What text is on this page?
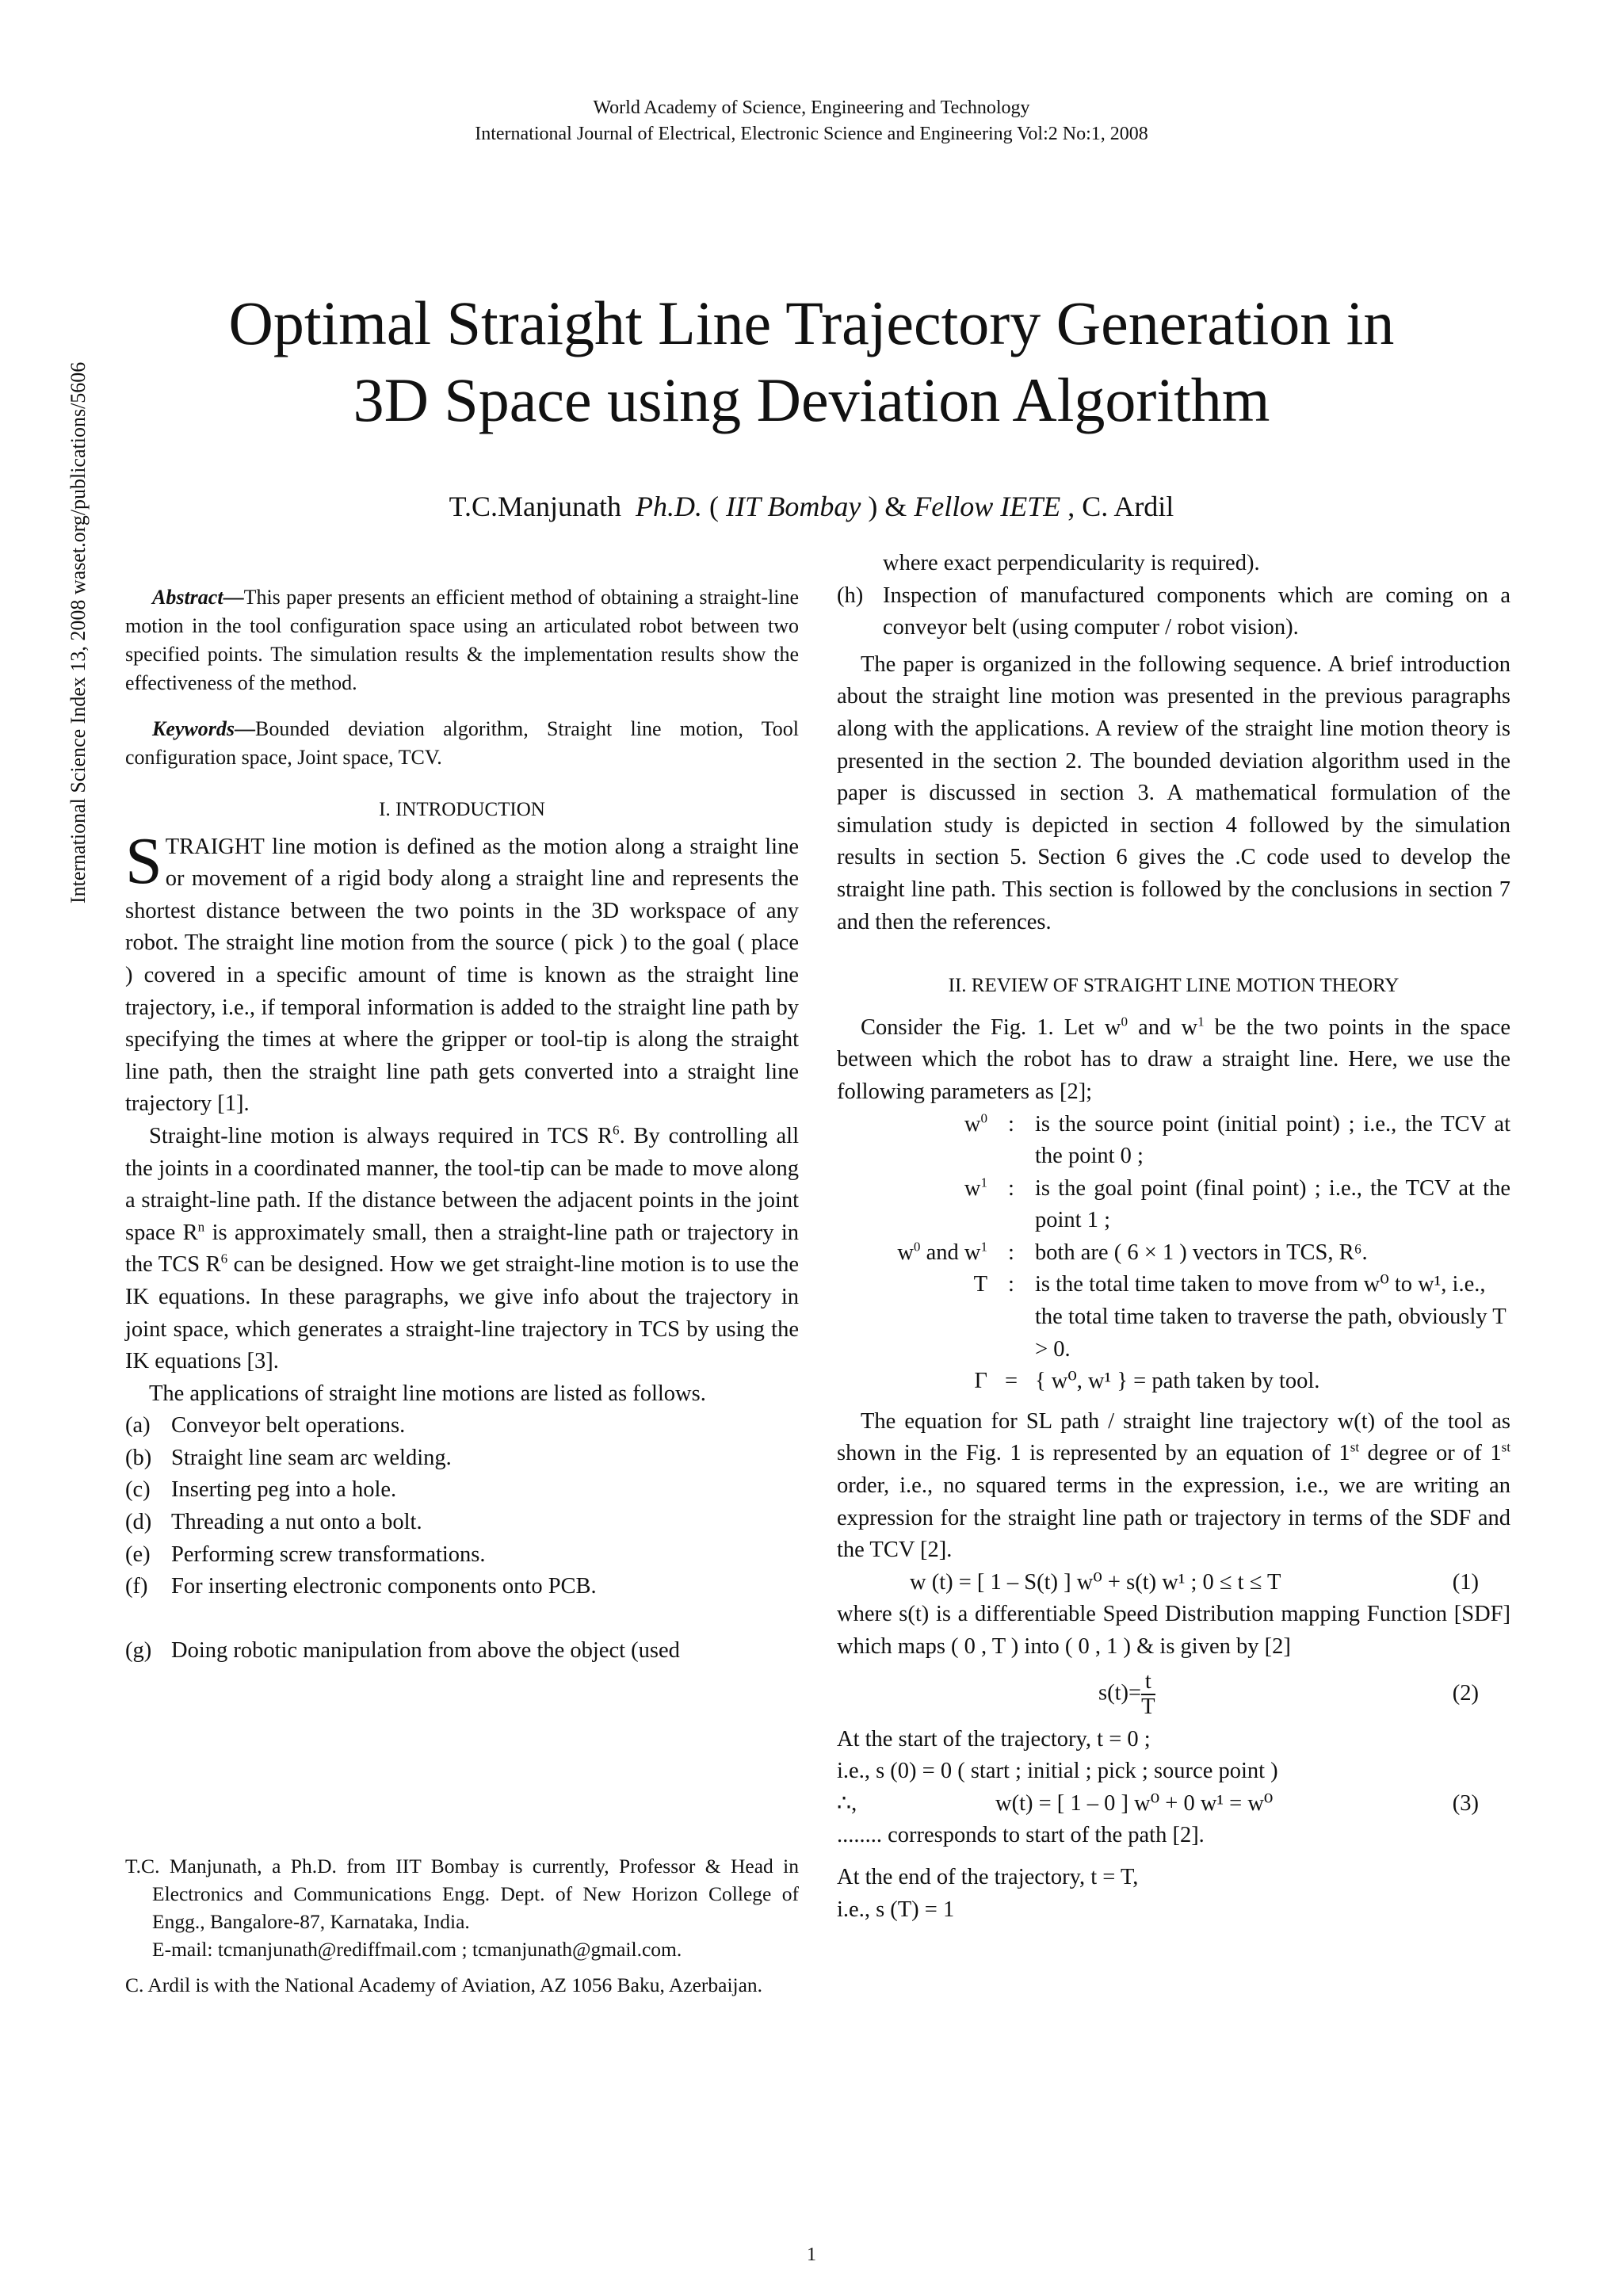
World Academy of Science, Engineering and Technology
International Journal of Electrical, Electronic Science and Engineering Vol:2 No:1, 2008
Optimal Straight Line Trajectory Generation in
3D Space using Deviation Algorithm
T.C.Manjunath Ph.D. ( IIT Bombay ) & Fellow IETE , C. Ardil
International Science Index 13, 2008 waset.org/publications/5606	Abstract—This paper presents an efficient method of obtaining a straight-line motion in the tool configuration space using an articulated robot between two specified points. The simulation results & the implementation results show the effectiveness of the method.

Keywords—Bounded deviation algorithm, Straight line motion, Tool configuration space, Joint space, TCV.

I. INTRODUCTION

STRAIGHT line motion is defined as the motion along a straight line or movement of a rigid body along a straight line and represents the shortest distance between the two points in the 3D workspace of any robot. The straight line motion from the source ( pick ) to the goal ( place ) covered in a specific amount of time is known as the straight line trajectory, i.e., if temporal information is added to the straight line path by specifying the times at where the gripper or tool-tip is along the straight line path, then the straight line path gets converted into a straight line trajectory [1].

Straight-line motion is always required in TCS $R^6$. By controlling all the joints in a coordinated manner, the tool-tip can be made to move along a straight-line path. If the distance between the adjacent points in the joint space $R^n$ is approximately small, then a straight-line path or trajectory in the TCS $R^6$ can be designed. How we get straight-line motion is to use the IK equations. In these paragraphs, we give info about the trajectory in joint space, which generates a straight-line trajectory in TCS by using the IK equations [3].

The applications of straight line motions are listed as follows.

(a) Conveyor belt operations.
(b) Straight line seam arc welding.
(c) Inserting peg into a hole.
(d) Threading a nut onto a bolt.
(e) Performing screw transformations.
(f)	For inserting electronic components onto PCB.
(g) Doing robotic manipulation from above the object (used

T.C. Manjunath, a Ph.D. from IIT Bombay is currently, Professor & Head in Electronics and Communications Engg. Dept. of New Horizon College of Engg., Bangalore-87, Karnataka, India.

E-mail: tcmanjunath@rediffmail.com ; tcmanjunath@gmail.com.

C. Ardil is with the National Academy of Aviation, AZ 1056 Baku, Azerbaijan.

where exact perpendicularity is required).

(h) Inspection of manufactured components which are coming on a conveyor belt (using computer / robot vision).

The paper is organized in the following sequence. A brief introduction about the straight line motion was presented in the previous paragraphs along with the applications. A review of the straight line motion theory is presented in the section 2. The bounded deviation algorithm used in the paper is discussed in section 3. A mathematical formulation of the simulation study is depicted in section 4 followed by the simulation results in section 5. Section 6 gives the .C code used to develop the straight line path. This section is followed by the conclusions in section 7 and then the references.

II. REVIEW OF STRAIGHT LINE MOTION THEORY

Consider the Fig. 1. Let $w^0$ and $w^1$ be the two points in the space between which the robot has to draw a straight line. Here, we use the following parameters as [2];

$w^0$ : is the source point (initial point) ; i.e., the TCV at the point 0 ;
$w^1$ : is the goal point (final point) ; i.e., the TCV at the point 1 ;
$w^0$ and $w^1$ : both are ( 6 × 1 ) vectors in TCS, R⁶.
T : is the total time taken to move from w⁰ to w¹, i.e., the total time taken to traverse the path, obviously T > 0.
Γ = { w⁰, w¹ } = path taken by tool.

The equation for SL path / straight line trajectory w(t) of the tool as shown in the Fig. 1 is represented by an equation of 1st degree or of 1st order, i.e., no squared terms in the expression, i.e., we are writing an expression for the straight line path or trajectory in terms of the SDF and the TCV [2].

w (t) = [ 1 – S(t) ] w⁰ + s(t) w¹ ; 0 ≤ t ≤ T	(1)

where s(t) is a differentiable Speed Distribution mapping Function [SDF] which maps ( 0 , T ) into ( 0 , 1 ) & is given by [2]

$s(t)= \frac{t}{T}$	(2)

At the start of the trajectory, t = 0 ;

i.e., s (0) = 0 ( start ; initial ; pick ; source point )

∴,	w(t) = [ 1 – 0 ] w⁰ + 0 w¹ = w⁰	(3)

........ corresponds to start of the path [2].

At the end of the trajectory, t = T,

i.e., s (T) = 1

1
